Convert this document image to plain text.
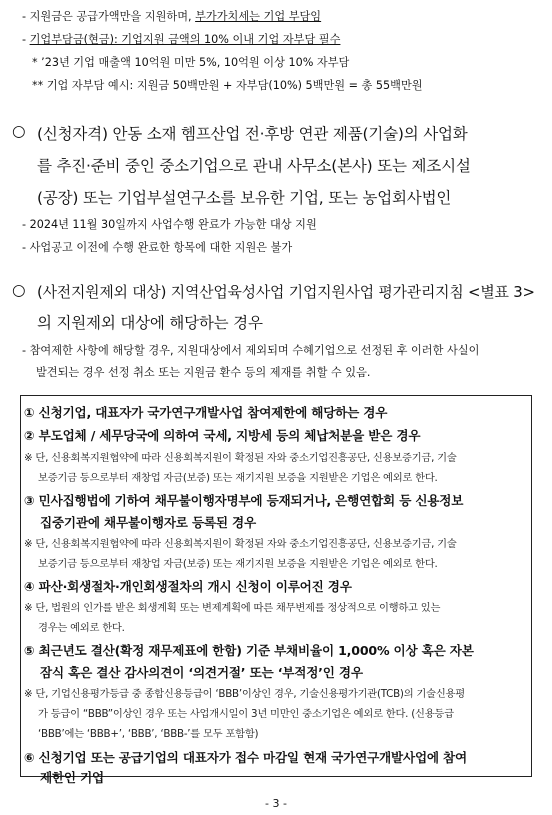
- 지원금은 공급가액만을 지원하며, 부가가치세는 기업 부담임
- 기업부담금(현금): 기업지원 금액의 10% 이내 기업 자부담 필수
* ’23년 기업 매출액 10억원 미만 5%, 10억원 이상 10% 자부담
** 기업 자부담 예시: 지원금 50백만원 + 자부담(10%) 5백만원 = 총 55백만원
○ (신청자격) 안동 소재 헴프산업 전·후방 연관 제품(기술)의 사업화
를 추진·준비 중인 중소기업으로 관내 사무소(본사) 또는 제조시설
(공장) 또는 기업부설연구소를 보유한 기업, 또는 농업회사법인
- 2024년 11월 30일까지 사업수행 완료가 가능한 대상 지원
- 사업공고 이전에 수행 완료한 항목에 대한 지원은 불가
○ (사전지원제외 대상) 지역산업육성사업 기업지원사업 평가관리지침 <별표 3>
의 지원제외 대상에 해당하는 경우
- 참여제한 사항에 해당할 경우, 지원대상에서 제외되며 수혜기업으로 선정된 후 이러한 사실이
발견되는 경우 선정 취소 또는 지원금 환수 등의 제재를 취할 수 있음.
① 신청기업, 대표자가 국가연구개발사업 참여제한에 해당하는 경우
② 부도업체 / 세무당국에 의하여 국세, 지방세 등의 체납처분을 받은 경우
※ 단, 신용회복지원협약에 따라 신용회복지원이 확정된 자와 중소기업진흥공단, 신용보증기금, 기술
보증기금 등으로부터 재창업 자금(보증) 또는 재기지원 보증을 지원받은 기업은 예외로 한다.
③ 민사집행법에 기하여 채무불이행자명부에 등재되거나, 은행연합회 등 신용정보
집중기관에 채무불이행자로 등록된 경우
※ 단, 신용회복지원협약에 따라 신용회복지원이 확정된 자와 중소기업진흥공단, 신용보증기금, 기술
보증기금 등으로부터 재창업 자금(보증) 또는 재기지원 보증을 지원받은 기업은 예외로 한다.
④ 파산·회생절차·개인회생절차의 개시 신청이 이루어진 경우
※ 단, 법원의 인가를 받은 회생계획 또는 변제계획에 따른 채무변제를 정상적으로 이행하고 있는
경우는 예외로 한다.
⑤ 최근년도 결산(확정 재무제표에 한함) 기준 부채비율이 1,000% 이상 혹은 자본
잠식 혹은 결산 감사의견이 ‘의견거절’ 또는 ‘부적정’인 경우
※ 단, 기업신용평가등급 중 종합신용등급이 ‘BBB’이상인 경우, 기술신용평가기관(TCB)의 기술신용평
가 등급이 “BBB”이상인 경우 또는 사업개시일이 3년 미만인 중소기업은 예외로 한다. (신용등급
‘BBB’에는 ‘BBB+’, ‘BBB’, ‘BBB-’를 모두 포함함)
⑥ 신청기업 또는 공급기업의 대표자가 접수 마감일 현재 국가연구개발사업에 참여
제한인 기업
- 3 -
